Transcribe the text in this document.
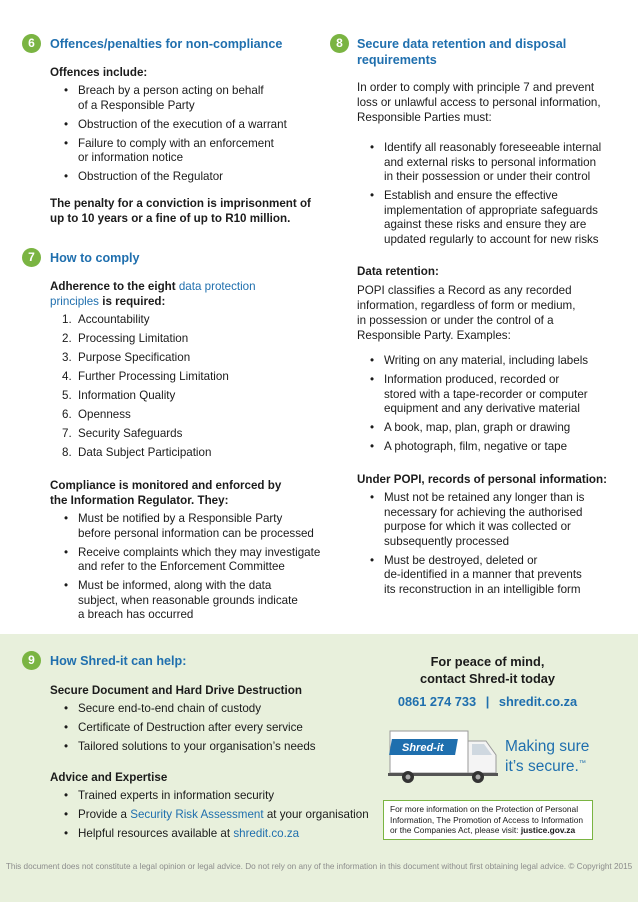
6	Offences/penalties for non-compliance
Offences include:
• Breach by a person acting on behalf
of a Responsible Party
• Obstruction of the execution of a warrant
• Failure to comply with an enforcement
or information notice
• Obstruction of the Regulator
The penalty for a conviction is imprisonment of
up to 10 years or a fine of up to R10 million.
7	How to comply
Adherence to the eight data protection
principles is required:
1. Accountability
2. Processing Limitation
3. Purpose Specification
4. Further Processing Limitation
5. Information Quality
6. Openness
7. Security Safeguards
8. Data Subject Participation
Compliance is monitored and enforced by
the Information Regulator. They:
• Must be notified by a Responsible Party
before personal information can be processed
• Receive complaints which they may investigate
and refer to the Enforcement Committee
• Must be informed, along with the data
subject, when reasonable grounds indicate
a breach has occurred
8	Secure data retention and disposal
requirements
In order to comply with principle 7 and prevent
loss or unlawful access to personal information,
Responsible Parties must:
• Identify all reasonably foreseeable internal
and external risks to personal information
in their possession or under their control
• Establish and ensure the effective
implementation of appropriate safeguards
against these risks and ensure they are
updated regularly to account for new risks
Data retention:
POPI classifies a Record as any recorded
information, regardless of form or medium,
in possession or under the control of a
Responsible Party. Examples:
• Writing on any material, including labels
• Information produced, recorded or
stored with a tape-recorder or computer
equipment and any derivative material
• A book, map, plan, graph or drawing
• A photograph, film, negative or tape
Under POPI, records of personal information:
• Must not be retained any longer than is
necessary for achieving the authorised
purpose for which it was collected or
subsequently processed
• Must be destroyed, deleted or
de-identified in a manner that prevents
its reconstruction in an intelligible form
9	How Shred-it can help:
Secure Document and Hard Drive Destruction
• Secure end-to-end chain of custody
• Certificate of Destruction after every service
• Tailored solutions to your organisation’s needs
Advice and Expertise
• Trained experts in information security
• Provide a Security Risk Assessment at your organisation
• Helpful resources available at shredit.co.za
For peace of mind,
contact Shred-it today
0861 274 733 | shredit.co.za
Shred-it	Making sure
it’s secure.™
For more information on the Protection of Personal
Information, The Promotion of Access to Information
or the Companies Act, please visit: justice.gov.za
This document does not constitute a legal opinion or legal advice. Do not rely on any of the information in this document without first obtaining legal advice. © Copyright 2015
